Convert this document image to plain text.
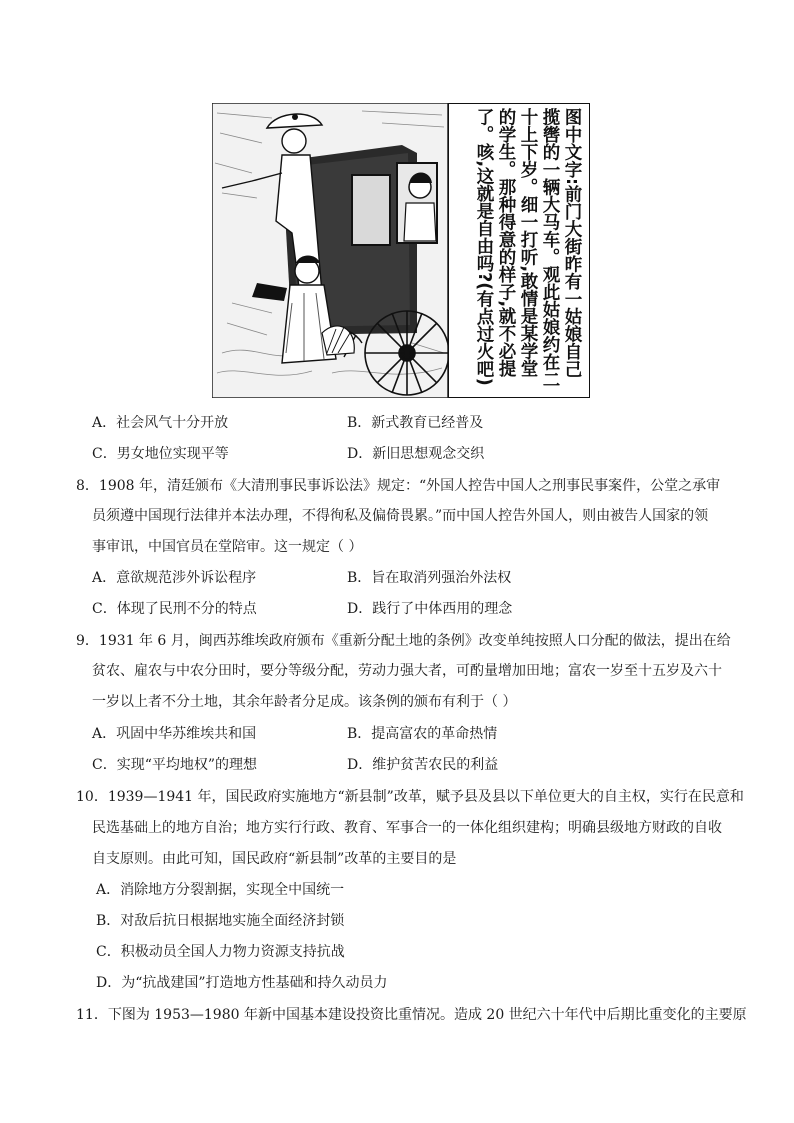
图中文字:前门大街昨有一姑娘自己揽辔的一辆大马车。观此姑娘约在二十上下岁。细一打听,敢情是某学堂的学生。那种得意的样子,就不必提了。咳,这就是自由吗?(有点过火吧)
A．社会风气十分开放	B．新式教育已经普及
C．男女地位实现平等	D．新旧思想观念交织
8．1908 年，清廷颁布《大清刑事民事诉讼法》规定：“外国人控告中国人之刑事民事案件，公堂之承审
员须遵中国现行法律并本法办理，不得徇私及偏倚畏累。”而中国人控告外国人，则由被告人国家的领
事审讯，中国官员在堂陪审。这一规定（ ）
A．意欲规范涉外诉讼程序	B．旨在取消列强治外法权
C．体现了民刑不分的特点	D．践行了中体西用的理念
9．1931 年 6 月，闽西苏维埃政府颁布《重新分配土地的条例》改变单纯按照人口分配的做法，提出在给
贫农、雇农与中农分田时，要分等级分配，劳动力强大者，可酌量增加田地；富农一岁至十五岁及六十
一岁以上者不分土地，其余年龄者分足成。该条例的颁布有利于（ ）
A．巩固中华苏维埃共和国	B．提高富农的革命热情
C．实现“平均地权”的理想	D．维护贫苦农民的利益
10．1939—1941 年，国民政府实施地方“新县制”改革，赋予县及县以下单位更大的自主权，实行在民意和
民选基础上的地方自治；地方实行行政、教育、军事合一的一体化组织建构；明确县级地方财政的自收
自支原则。由此可知，国民政府“新县制”改革的主要目的是
A．消除地方分裂割据，实现全中国统一
B．对敌后抗日根据地实施全面经济封锁
C．积极动员全国人力物力资源支持抗战
D．为“抗战建国”打造地方性基础和持久动员力
11．下图为 1953—1980 年新中国基本建设投资比重情况。造成 20 世纪六十年代中后期比重变化的主要原
